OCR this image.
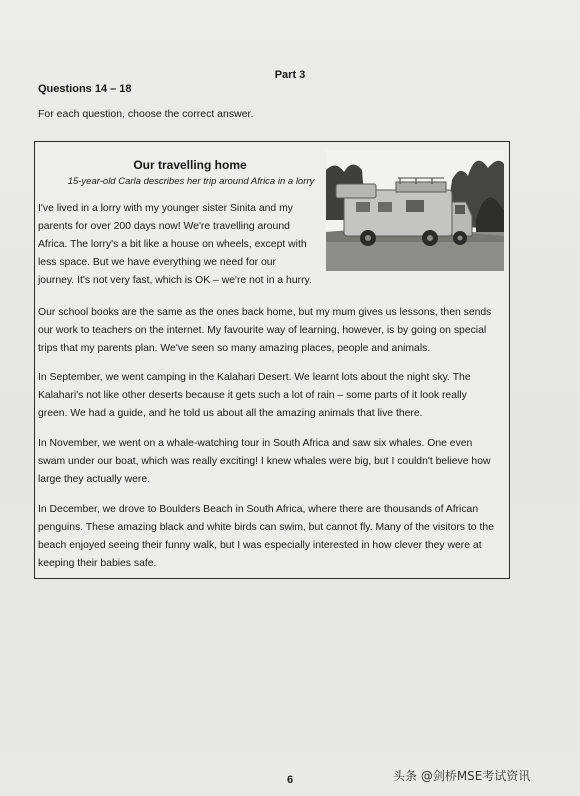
Part 3
Questions 14 – 18
For each question, choose the correct answer.
Our travelling home
15-year-old Carla describes her trip around Africa in a lorry
I've lived in a lorry with my younger sister Sinita and my
parents for over 200 days now! We're travelling around
Africa. The lorry's a bit like a house on wheels, except with
less space. But we have everything we need for our
journey. It's not very fast, which is OK – we're not in a hurry.
Our school books are the same as the ones back home, but my mum gives us lessons, then sends
our work to teachers on the internet. My favourite way of learning, however, is by going on special
trips that my parents plan. We've seen so many amazing places, people and animals.
In September, we went camping in the Kalahari Desert. We learnt lots about the night sky. The
Kalahari's not like other deserts because it gets such a lot of rain – some parts of it look really
green. We had a guide, and he told us about all the amazing animals that live there.
In November, we went on a whale-watching tour in South Africa and saw six whales. One even
swam under our boat, which was really exciting! I knew whales were big, but I couldn't believe how
large they actually were.
In December, we drove to Boulders Beach in South Africa, where there are thousands of African
penguins. These amazing black and white birds can swim, but cannot fly. Many of the visitors to the
beach enjoyed seeing their funny walk, but I was especially interested in how clever they were at
keeping their babies safe.
6	头条 @剑桥MSE考试资讯
